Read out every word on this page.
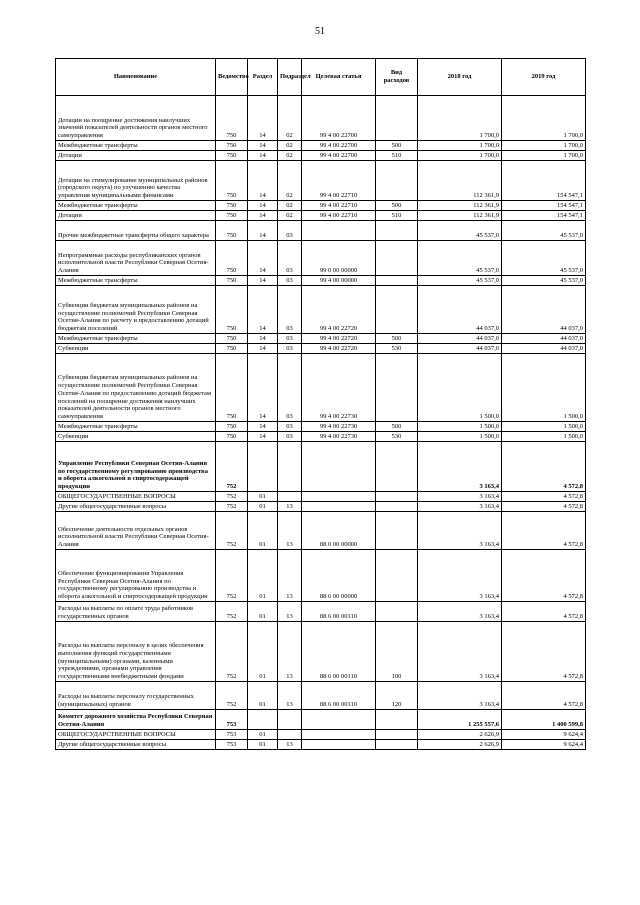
51
Наименование	Ведомство	Раздел	Подраздел	Целевая статья	Вид расходов	2018 год	2019 год
Дотации на поощрение достижения наилучших значений показателей деятельности органов местного самоуправления	750	14	02	99 4 00 22700		1 700,0	1 700,0
Межбюджетные трансферты	750	14	02	99 4 00 22700	500	1 700,0	1 700,0
Дотации	750	14	02	99 4 00 22700	510	1 700,0	1 700,0
Дотации на стимулирование муниципальных районов (городского округа) по улучшению качества управления муниципальными финансами	750	14	02	99 4 00 22710		112 361,9	154 547,1
Межбюджетные трансферты	750	14	02	99 4 00 22710	500	112 361,9	154 547,1
Дотации	750	14	02	99 4 00 22710	510	112 361,9	154 547,1
Прочие межбюджетные трансферты общего характера	750	14	03			45 537,0	45 537,0
Непрограммные расходы республиканских органов исполнительной власти Республики Северная Осетия-Алания	750	14	03	99 0 00 00000		45 537,0	45 537,0
Межбюджетные трансферты	750	14	03	99 4 00 00000		45 537,0	45 537,0
Субвенции бюджетам муниципальных районов на осуществление полномочий Республики Северная Осетия-Алания по расчету и предоставлению дотаций бюджетам поселений	750	14	03	99 4 00 22720		44 037,0	44 037,0
Межбюджетные трансферты	750	14	03	99 4 00 22720	500	44 037,0	44 037,0
Субвенции	750	14	03	99 4 00 22720	530	44 037,0	44 037,0
Субвенции бюджетам муниципальных районов на осуществление полномочий Республики Северная Осетия-Алания по предоставлению дотаций бюджетам поселений на поощрение достижения наилучших показателей деятельности органов местного самоуправления	750	14	03	99 4 00 22730		1 500,0	1 500,0
Межбюджетные трансферты	750	14	03	99 4 00 22730	500	1 500,0	1 500,0
Субвенции	750	14	03	99 4 00 22730	530	1 500,0	1 500,0
Управление Республики Северная Осетия-Алания по государственному регулированию производства и оборота алкогольной и спиртосодержащей продукции	752					3 163,4	4 572,8
ОБЩЕГОСУДАРСТВЕННЫЕ ВОПРОСЫ	752	01				3 163,4	4 572,8
Другие общегосударственные вопросы	752	01	13			3 163,4	4 572,8
Обеспечение деятельности отдельных органов исполнительной власти Республики Северная Осетия-Алания	752	01	13	88 0 00 00000		3 163,4	4 572,8
Обеспечение функционирования Управления Республики Северная Осетия-Алания по государственному регулированию производства и оборота алкогольной и спиртосодержащей продукции	752	01	13	88 6 00 00000		3 163,4	4 572,8
Расходы на выплаты по оплате труда работников государственных органов	752	01	13	88 6 00 00110		3 163,4	4 572,8
Расходы на выплаты персоналу в целях обеспечения выполнения функций государственными (муниципальными) органами, казенными учреждениями, органами управления государственными внебюджетными фондами	752	01	13	88 6 00 00110	100	3 163,4	4 572,8
Расходы на выплаты персоналу государственных (муниципальных) органов	752	01	13	88 6 00 00110	120	3 163,4	4 572,8
Комитет дорожного хозяйства Республики Северная Осетия-Алания	753					1 255 557,6	1 400 599,8
ОБЩЕГОСУДАРСТВЕННЫЕ ВОПРОСЫ	753	01				2 626,9	9 624,4
Другие общегосударственные вопросы	753	01	13			2 626,9	9 624,4
